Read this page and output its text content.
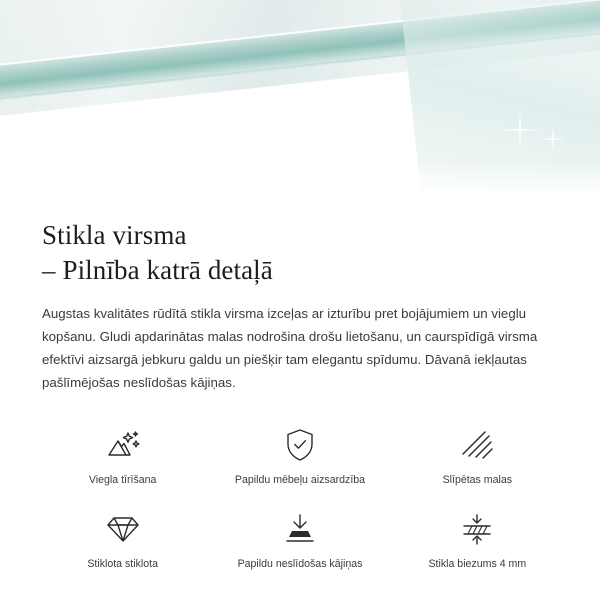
Stikla virsma
– Pilnība katrā detaļā

Augstas kvalitātes rūdītā stikla virsma izceļas ar izturību pret bojājumiem un vieglu kopšanu. Gludi apdarinātas malas nodrošina drošu lietošanu, un caurspīdīgā virsma efektīvi aizsargā jebkuru galdu un piešķir tam elegantu spīdumu. Dāvanā iekļautas pašlīmējošas neslīdošas kājiņas.

Viegla tīrīšana	Papildu mēbeļu aizsardzība	Slīpētas malas
Stiklota stiklota	Papildu neslīdošas kājiņas	Stikla biezums 4 mm
